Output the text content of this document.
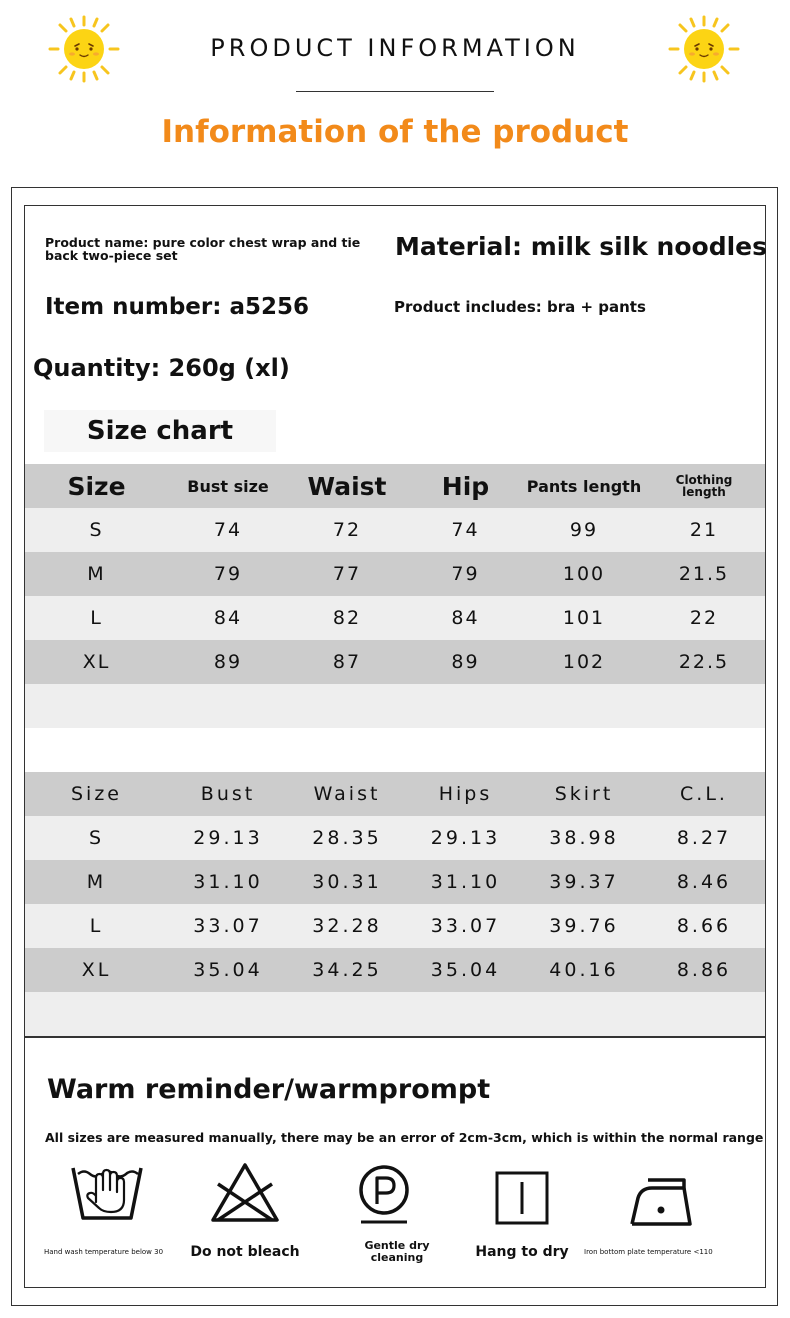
PRODUCT INFORMATION
Information of the product
Product name: pure color chest wrap and tie back two-piece set	Material: milk silk noodles
Item number: a5256	Product includes: bra + pants
Quantity: 260g (xl)
Size chart
Size	Bust size	Waist	Hip	Pants length	Clothing length
S	74	72	74	99	21
M	79	77	79	100	21.5
L	84	82	84	101	22
XL	89	87	89	102	22.5
Size	Bust	Waist	Hips	Skirt	C.L.
S	29.13	28.35	29.13	38.98	8.27
M	31.10	30.31	31.10	39.37	8.46
L	33.07	32.28	33.07	39.76	8.66
XL	35.04	34.25	35.04	40.16	8.86
Warm reminder/warmprompt
All sizes are measured manually, there may be an error of 2cm-3cm, which is within the normal range
Hand wash temperature below 30	Do not bleach	Gentle dry cleaning	Hang to dry	Iron bottom plate temperature <110
